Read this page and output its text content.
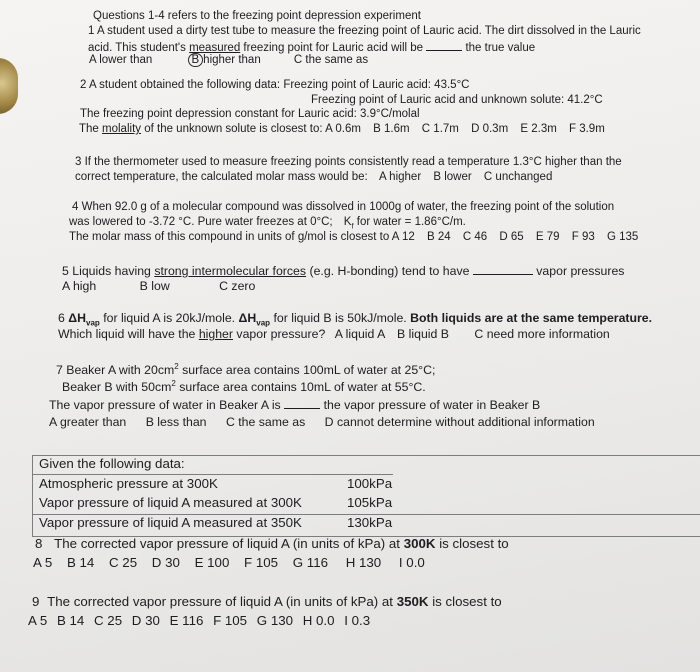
Questions 1-4 refers to the freezing point depression experiment
1 A student used a dirty test tube to measure the freezing point of Lauric acid. The dirt dissolved in the Lauric
acid. This student's measured freezing point for Lauric acid will be	the true value
A lower than	B higher than	C the same as
2 A student obtained the following data: Freezing point of Lauric acid: 43.5°C
Freezing point of Lauric acid and unknown solute: 41.2°C
The freezing point depression constant for Lauric acid: 3.9°C/molal
The molality of the unknown solute is closest to: A 0.6m B 1.6m C 1.7m D 0.3m E 2.3m F 3.9m
3 If the thermometer used to measure freezing points consistently read a temperature 1.3°C higher than the
correct temperature, the calculated molar mass would be: A higher B lower C unchanged
4 When 92.0 g of a molecular compound was dissolved in 1000g of water, the freezing point of the solution
was lowered to -3.72 °C. Pure water freezes at 0°C; $K_f$ for water = 1.86°C/m.
The molar mass of this compound in units of g/mol is closest to A 12 B 24 C 46 D 65 E 79 F 93 G 135
5 Liquids having strong intermolecular forces (e.g. H-bonding) tend to have	vapor pressures
A high	B low	C zero
6 $\Delta H_{vap}$ for liquid A is 20kJ/mole. $\Delta H_{vap}$ for liquid B is 50kJ/mole. Both liquids are at the same temperature.
Which liquid will have the higher vapor pressure? A liquid A B liquid B C need more information
7 Beaker A with $20cm^2$ surface area contains 100mL of water at 25°C;
Beaker B with $50cm^2$ surface area contains 10mL of water at 55°C.
The vapor pressure of water in Beaker A is	the vapor pressure of water in Beaker B
A greater than B less than C the same as D cannot determine without additional information
Given the following data:
Atmospheric pressure at 300K	100kPa
Vapor pressure of liquid A measured at 300K	105kPa
Vapor pressure of liquid A measured at 350K	130kPa
8 The corrected vapor pressure of liquid A (in units of kPa) at 300K is closest to
A 5 B 14 C 25 D 30 E 100 F 105 G 116 H 130 I 0.0
9 The corrected vapor pressure of liquid A (in units of kPa) at 350K is closest to
A 5 B 14 C 25 D 30 E 116 F 105 G 130 H 0.0 I 0.3
